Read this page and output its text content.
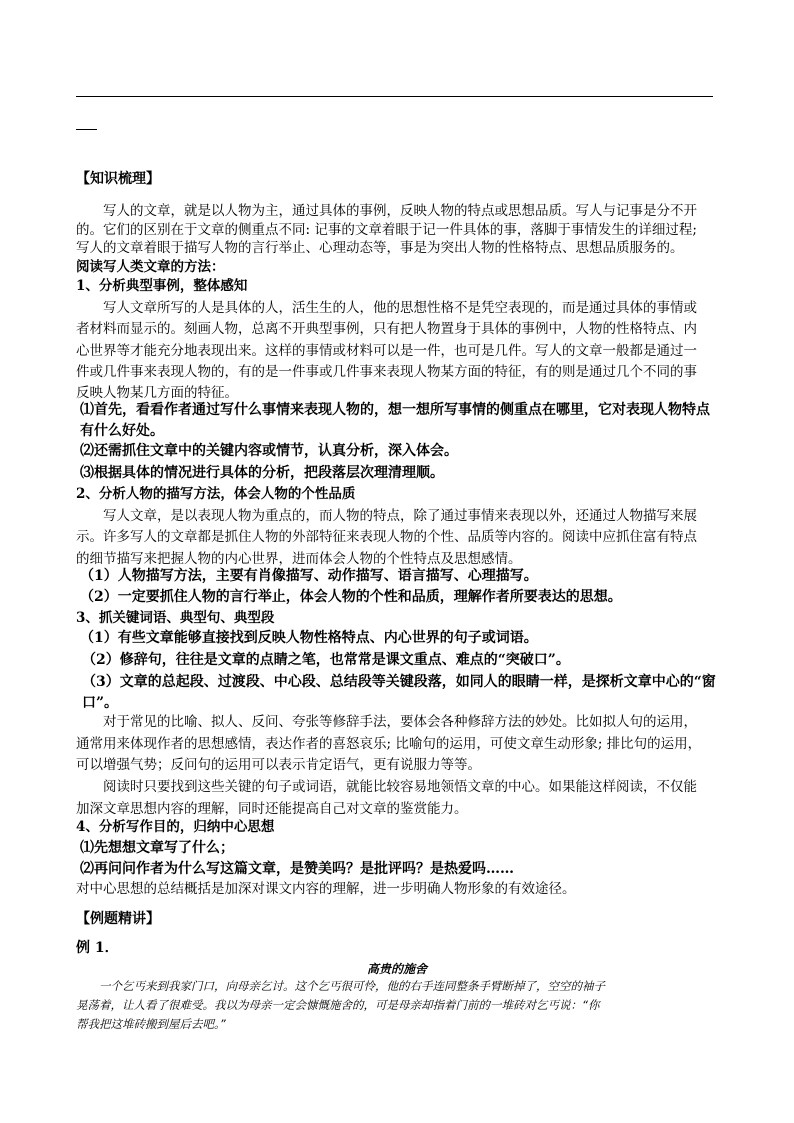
【知识梳理】
写人的文章，就是以人物为主，通过具体的事例，反映人物的特点或思想品质。写人与记事是分不开
的。它们的区别在于文章的侧重点不同: 记事的文章着眼于记一件具体的事，落脚于事情发生的详细过程;
写人的文章着眼于描写人物的言行举止、心理动态等，事是为突出人物的性格特点、思想品质服务的。
阅读写人类文章的方法：
1、分析典型事例，整体感知
写人文章所写的人是具体的人，活生生的人，他的思想性格不是凭空表现的，而是通过具体的事情或
者材料而显示的。刻画人物，总离不开典型事例，只有把人物置身于具体的事例中，人物的性格特点、内
心世界等才能充分地表现出来。这样的事情或材料可以是一件，也可是几件。写人的文章一般都是通过一
件或几件事来表现人物的，有的是一件事或几件事来表现人物某方面的特征，有的则是通过几个不同的事
反映人物某几方面的特征。
⑴首先，看看作者通过写什么事情来表现人物的，想一想所写事情的侧重点在哪里，它对表现人物特点
有什么好处。
⑵还需抓住文章中的关键内容或情节，认真分析，深入体会。
⑶根据具体的情况进行具体的分析，把段落层次理清理顺。
2、分析人物的描写方法，体会人物的个性品质
写人文章，是以表现人物为重点的，而人物的特点，除了通过事情来表现以外，还通过人物描写来展
示。许多写人的文章都是抓住人物的外部特征来表现人物的个性、品质等内容的。阅读中应抓住富有特点
的细节描写来把握人物的内心世界，进而体会人物的个性特点及思想感情。
（1）人物描写方法，主要有肖像描写、动作描写、语言描写、心理描写。
（2）一定要抓住人物的言行举止，体会人物的个性和品质，理解作者所要表达的思想。
3、抓关键词语、典型句、典型段
（1）有些文章能够直接找到反映人物性格特点、内心世界的句子或词语。
（2）修辞句，往往是文章的点睛之笔，也常常是课文重点、难点的“突破口”。
（3）文章的总起段、过渡段、中心段、总结段等关键段落，如同人的眼睛一样，是探析文章中心的“窗
口”。
对于常见的比喻、拟人、反问、夸张等修辞手法，要体会各种修辞方法的妙处。比如拟人句的运用，
通常用来体现作者的思想感情，表达作者的喜怒哀乐; 比喻句的运用，可使文章生动形象; 排比句的运用，
可以增强气势；反问句的运用可以表示肯定语气，更有说服力等等。
阅读时只要找到这些关键的句子或词语，就能比较容易地领悟文章的中心。如果能这样阅读，不仅能
加深文章思想内容的理解，同时还能提高自己对文章的鉴赏能力。
4、分析写作目的，归纳中心思想
⑴先想想文章写了什么；
⑵再问问作者为什么写这篇文章，是赞美吗？是批评吗？是热爱吗……
对中心思想的总结概括是加深对课文内容的理解，进一步明确人物形象的有效途径。
【例题精讲】
例 1．
高贵的施舍
一个乞丐来到我家门口，向母亲乞讨。这个乞丐很可怜，他的右手连同整条手臂断掉了，空空的袖子
晃荡着，让人看了很难受。我以为母亲一定会慷慨施舍的，可是母亲却指着门前的一堆砖对乞丐说：“你
帮我把这堆砖搬到屋后去吧。”
